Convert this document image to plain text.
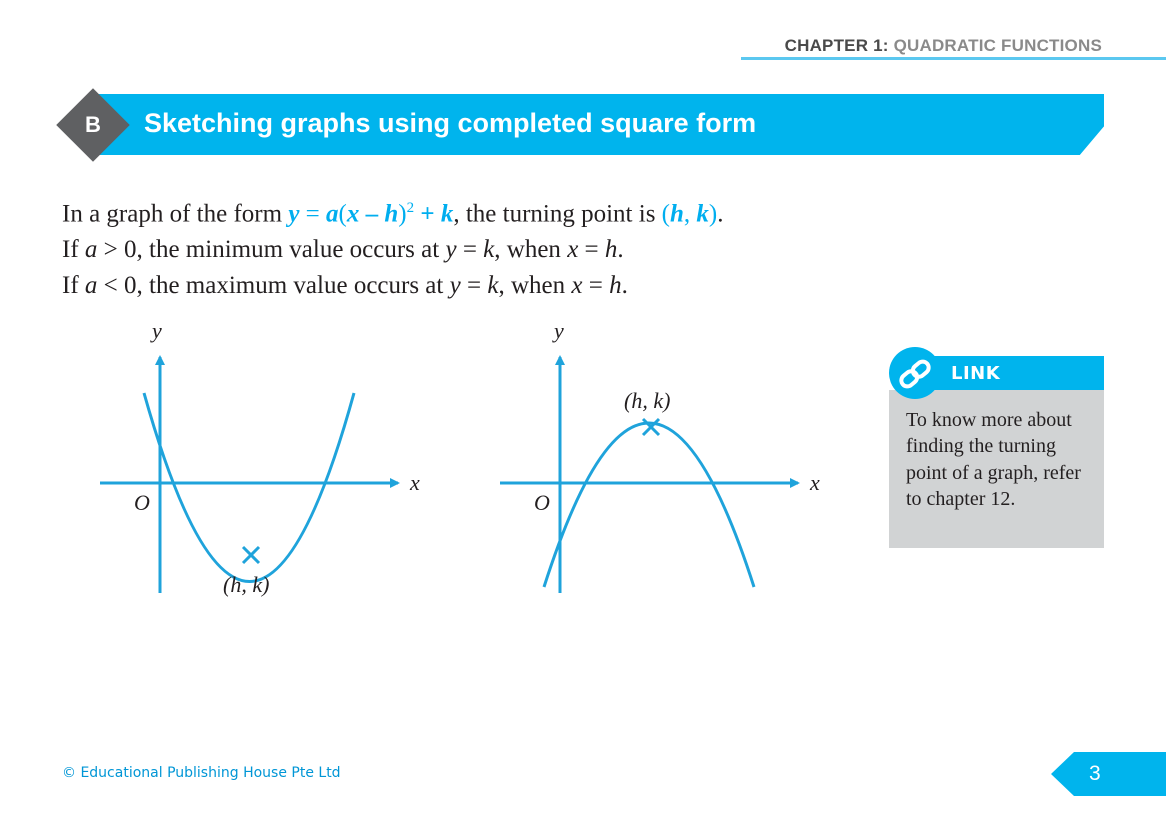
CHAPTER 1: QUADRATIC FUNCTIONS
B	Sketching graphs using completed square form

In a graph of the form y = a(x – h)$^2$ + k, the turning point is (h, k).

If a > 0, the minimum value occurs at y = k, when x = h.

If a < 0, the maximum value occurs at y = k, when x = h.

y
x
O
(h, k)
y
x
O
(h, k)
LINK
To know more about finding the turning point of a graph, refer to chapter 12.
© Educational Publishing House Pte Ltd	3
